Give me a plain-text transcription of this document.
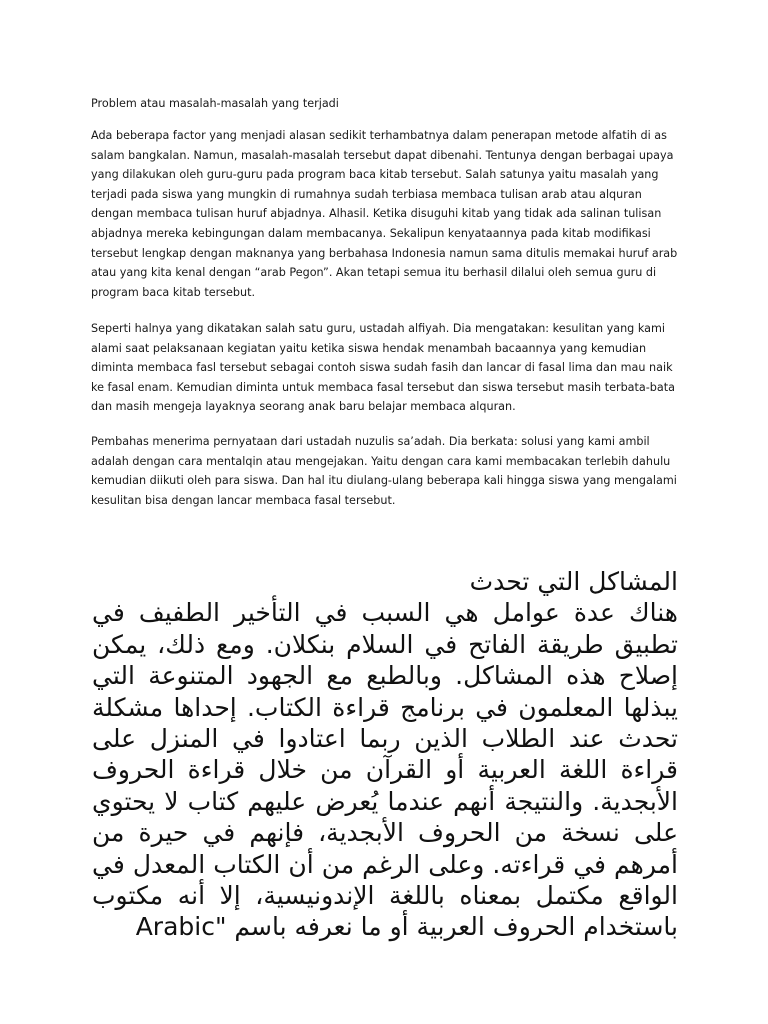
Problem atau masalah-masalah yang terjadi

Ada beberapa factor yang menjadi alasan sedikit terhambatnya dalam penerapan metode alfatih di as salam bangkalan. Namun, masalah-masalah tersebut dapat dibenahi. Tentunya dengan berbagai upaya yang dilakukan oleh guru-guru pada program baca kitab tersebut. Salah satunya yaitu masalah yang terjadi pada siswa yang mungkin di rumahnya sudah terbiasa membaca tulisan arab atau alquran dengan membaca tulisan huruf abjadnya. Alhasil. Ketika disuguhi kitab yang tidak ada salinan tulisan abjadnya mereka kebingungan dalam membacanya. Sekalipun kenyataannya pada kitab modifikasi tersebut lengkap dengan maknanya yang berbahasa Indonesia namun sama ditulis memakai huruf arab atau yang kita kenal dengan “arab Pegon”. Akan tetapi semua itu berhasil dilalui oleh semua guru di program baca kitab tersebut.

Seperti halnya yang dikatakan salah satu guru, ustadah alfiyah. Dia mengatakan: kesulitan yang kami alami saat pelaksanaan kegiatan yaitu ketika siswa hendak menambah bacaannya yang kemudian diminta membaca fasl tersebut sebagai contoh siswa sudah fasih dan lancar di fasal lima dan mau naik ke fasal enam. Kemudian diminta untuk membaca fasal tersebut dan siswa tersebut masih terbata-bata dan masih mengeja layaknya seorang anak baru belajar membaca alquran.

Pembahas menerima pernyataan dari ustadah nuzulis sa’adah. Dia berkata: solusi yang kami ambil adalah dengan cara mentalqin atau mengejakan. Yaitu dengan cara kami membacakan terlebih dahulu kemudian diikuti oleh para siswa. Dan hal itu diulang-ulang beberapa kali hingga siswa yang mengalami kesulitan bisa dengan lancar membaca fasal tersebut.

المشاكل التي تحدث
هناك عدة عوامل هي السبب في التأخير الطفيف في تطبيق طريقة الفاتح في السلام بنكلان. ومع ذلك، يمكن إصلاح هذه المشاكل. وبالطبع مع الجهود المتنوعة التي يبذلها المعلمون في برنامج قراءة الكتاب. إحداها مشكلة تحدث عند الطلاب الذين ربما اعتادوا في المنزل على قراءة اللغة العربية أو القرآن من خلال قراءة الحروف الأبجدية. والنتيجة أنهم عندما يُعرض عليهم كتاب لا يحتوي على نسخة من الحروف الأبجدية، فإنهم في حيرة من أمرهم في قراءته. وعلى الرغم من أن الكتاب المعدل في الواقع مكتمل بمعناه باللغة الإندونيسية، إلا أنه مكتوب باستخدام الحروف العربية أو ما نعرفه باسم "Arabic
